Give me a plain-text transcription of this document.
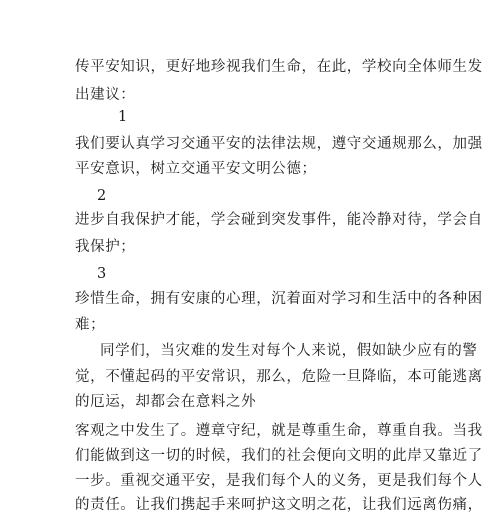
传平安知识，更好地珍视我们生命，在此，学校向全体师生发
出建议：
1
我们要认真学习交通平安的法律法规，遵守交通规那么，加强
平安意识，树立交通平安文明公德；
2
进步自我保护才能，学会碰到突发事件，能冷静对待，学会自
我保护；
3
珍惜生命，拥有安康的心理，沉着面对学习和生活中的各种困
难；
同学们，当灾难的发生对每个人来说，假如缺少应有的警
觉，不懂起码的平安常识，那么，危险一旦降临，本可能逃离
的厄运，却都会在意料之外
客观之中发生了。遵章守纪，就是尊重生命，尊重自我。当我
们能做到这一切的时候，我们的社会便向文明的此岸又靠近了
一步。重视交通平安，是我们每个人的义务，更是我们每个人
的责任。让我们携起手来呵护这文明之花，让我们远离伤痛，
